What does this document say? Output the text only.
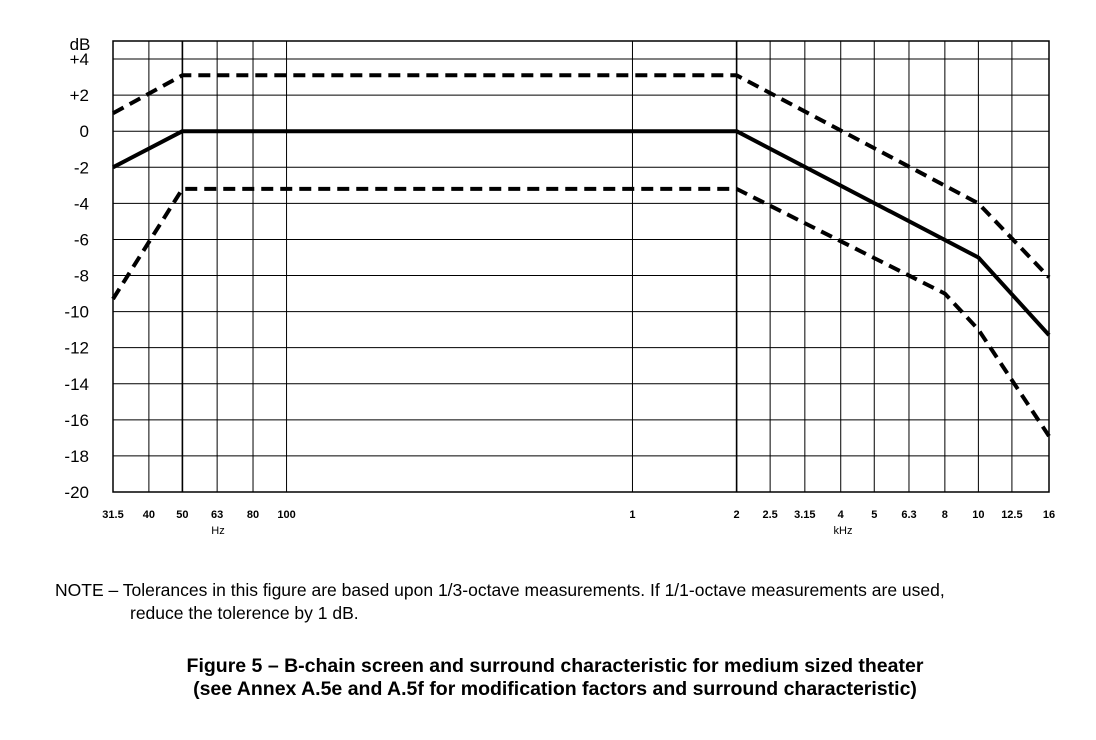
+4
+2
0
-2
-4
-6
-8
-10
-12
-14
-16
-18
-20
31.5 40 50 63 80 100	1	2 2.5 3.15 4 5 6.3 8 10 12.5 16
dB
Hz	kHz
NOTE – Tolerances in this figure are based upon 1/3-octave measurements. If 1/1-octave measurements are used,
reduce the tolerence by 1 dB.
Figure 5 – B-chain screen and surround characteristic for medium sized theater
(see Annex A.5e and A.5f for modification factors and surround characteristic)
